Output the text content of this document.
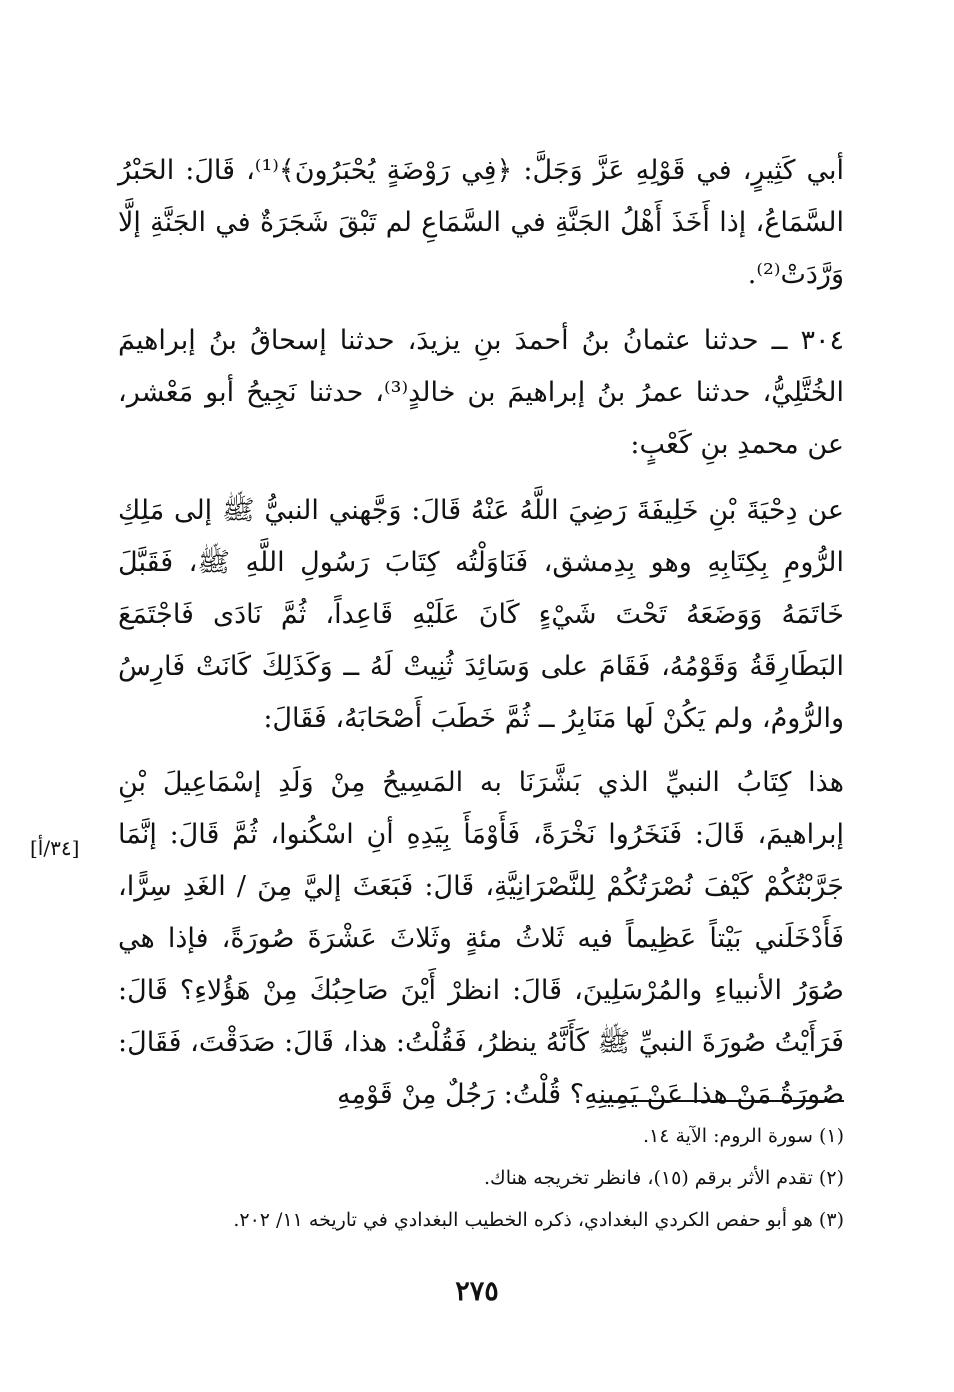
أبي كَثِيرٍ، في قَوْلِهِ عَزَّ وَجَلَّ: ﴿فِي رَوْضَةٍ يُحْبَرُونَ﴾⁽¹⁾، قَالَ: الحَبْرُ السَّمَاعُ، إذا أَخَذَ أَهْلُ الجَنَّةِ في السَّمَاعِ لم تَبْقَ شَجَرَةٌ في الجَنَّةِ إلَّا وَرَّدَتْ⁽²⁾.

٣٠٤ ــ حدثنا عثمانُ بنُ أحمدَ بنِ يزيدَ، حدثنا إسحاقُ بنُ إبراهيمَ الخُتَّلِيُّ، حدثنا عمرُ بنُ إبراهيمَ بن خالدٍ⁽³⁾، حدثنا نَجِيحُ أبو مَعْشر، عن محمدِ بنِ كَعْبٍ:

عن دِحْيَةَ بْنِ خَلِيفَةَ رَضِيَ اللَّهُ عَنْهُ قَالَ: وَجَّهني النبيُّ ﷺ إلى مَلِكِ الرُّومِ بِكِتَابِهِ وهو بِدِمشق، فَنَاوَلْتُه كِتَابَ رَسُولِ اللَّهِ ﷺ، فَقَبَّلَ خَاتَمَهُ وَوَضَعَهُ تَحْتَ شَيْءٍ كَانَ عَلَيْهِ قَاعِداً، ثُمَّ نَادَى فَاجْتَمَعَ البَطَارِقَةُ وَقَوْمُهُ، فَقَامَ على وَسَائِدَ ثُنِيتْ لَهُ ــ وَكَذَلِكَ كَانَتْ فَارِسُ والرُّومُ، ولم يَكُنْ لَها مَنَابِرُ ــ ثُمَّ خَطَبَ أَصْحَابَهُ، فَقَالَ:

هذا كِتَابُ النبيِّ الذي بَشَّرَنَا به المَسِيحُ مِنْ وَلَدِ إسْمَاعِيلَ بْنِ إبراهيمَ، قَالَ: فَنَخَرُوا نَخْرَةً، فَأَوْمَأَ بِيَدِهِ أنِ اسْكُنوا، ثُمَّ قَالَ: إنَّمَا جَرَّبْتُكُمْ كَيْفَ نُصْرَتُكُمْ لِلنَّصْرَانِيَّةِ، قَالَ: فَبَعَثَ إليَّ مِنَ / الغَدِ سِرًّا، فَأَدْخَلَني بَيْتاً عَظِيماً فيه ثَلاثُ مئةٍ وثَلاثَ عَشْرَةَ صُورَةً، فإذا هي صُوَرُ الأنبياءِ والمُرْسَلِينَ، قَالَ: انظرْ أَيْنَ صَاحِبُكَ مِنْ هَؤُلاءِ؟ قَالَ: فَرَأَيْتُ صُورَةَ النبيِّ ﷺ كَأَنَّهُ ينظرُ، فَقُلْتُ: هذا، قَالَ: صَدَقْتَ، فَقَالَ: صُورَةُ مَنْ هذا عَنْ يَمِينِهِ؟ قُلْتُ: رَجُلٌ مِنْ قَوْمِهِ

[٣٤/أ]
(١) سورة الروم: الآية ١٤.
(٢) تقدم الأثر برقم (١٥)، فانظر تخريجه هناك.
(٣) هو أبو حفص الكردي البغدادي، ذكره الخطيب البغدادي في تاريخه ١١/ ٢٠٢.
٢٧٥
